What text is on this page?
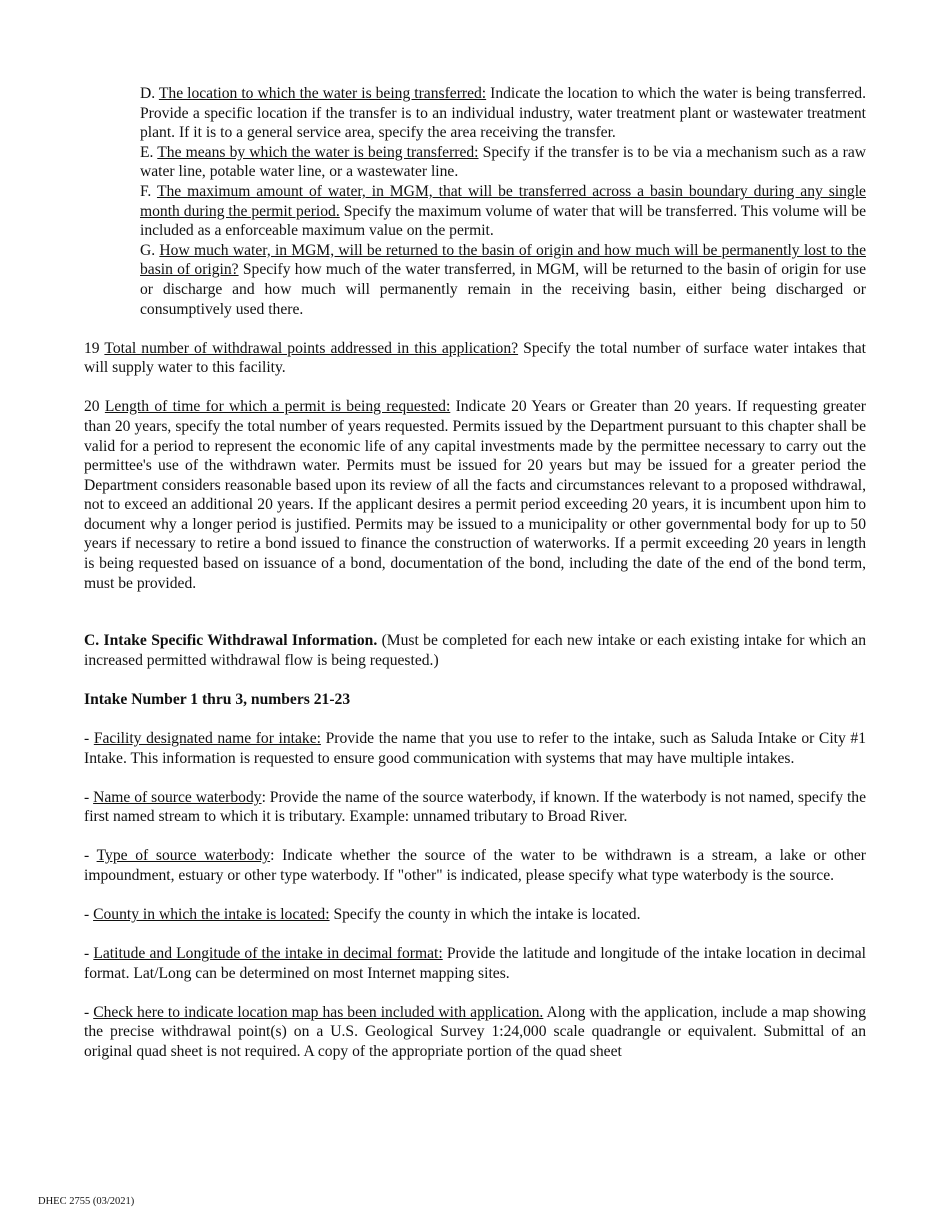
D. The location to which the water is being transferred: Indicate the location to which the water is being transferred. Provide a specific location if the transfer is to an individual industry, water treatment plant or wastewater treatment plant. If it is to a general service area, specify the area receiving the transfer.

E. The means by which the water is being transferred: Specify if the transfer is to be via a mechanism such as a raw water line, potable water line, or a wastewater line.

F. The maximum amount of water, in MGM, that will be transferred across a basin boundary during any single month during the permit period. Specify the maximum volume of water that will be transferred. This volume will be included as a enforceable maximum value on the permit.

G. How much water, in MGM, will be returned to the basin of origin and how much will be permanently lost to the basin of origin? Specify how much of the water transferred, in MGM, will be returned to the basin of origin for use or discharge and how much will permanently remain in the receiving basin, either being discharged or consumptively used there.

19 Total number of withdrawal points addressed in this application? Specify the total number of surface water intakes that will supply water to this facility.

20 Length of time for which a permit is being requested: Indicate 20 Years or Greater than 20 years. If requesting greater than 20 years, specify the total number of years requested. Permits issued by the Department pursuant to this chapter shall be valid for a period to represent the economic life of any capital investments made by the permittee necessary to carry out the permittee's use of the withdrawn water. Permits must be issued for 20 years but may be issued for a greater period the Department considers reasonable based upon its review of all the facts and circumstances relevant to a proposed withdrawal, not to exceed an additional 20 years. If the applicant desires a permit period exceeding 20 years, it is incumbent upon him to document why a longer period is justified. Permits may be issued to a municipality or other governmental body for up to 50 years if necessary to retire a bond issued to finance the construction of waterworks. If a permit exceeding 20 years in length is being requested based on issuance of a bond, documentation of the bond, including the date of the end of the bond term, must be provided.

C. Intake Specific Withdrawal Information. (Must be completed for each new intake or each existing intake for which an increased permitted withdrawal flow is being requested.)

Intake Number 1 thru 3, numbers 21-23

- Facility designated name for intake: Provide the name that you use to refer to the intake, such as Saluda Intake or City #1 Intake. This information is requested to ensure good communication with systems that may have multiple intakes.

- Name of source waterbody: Provide the name of the source waterbody, if known. If the waterbody is not named, specify the first named stream to which it is tributary. Example: unnamed tributary to Broad River.

- Type of source waterbody: Indicate whether the source of the water to be withdrawn is a stream, a lake or other impoundment, estuary or other type waterbody. If "other" is indicated, please specify what type waterbody is the source.

- County in which the intake is located: Specify the county in which the intake is located.

- Latitude and Longitude of the intake in decimal format: Provide the latitude and longitude of the intake location in decimal format. Lat/Long can be determined on most Internet mapping sites.

- Check here to indicate location map has been included with application. Along with the application, include a map showing the precise withdrawal point(s) on a U.S. Geological Survey 1:24,000 scale quadrangle or equivalent. Submittal of an original quad sheet is not required. A copy of the appropriate portion of the quad sheet

DHEC 2755 (03/2021)
